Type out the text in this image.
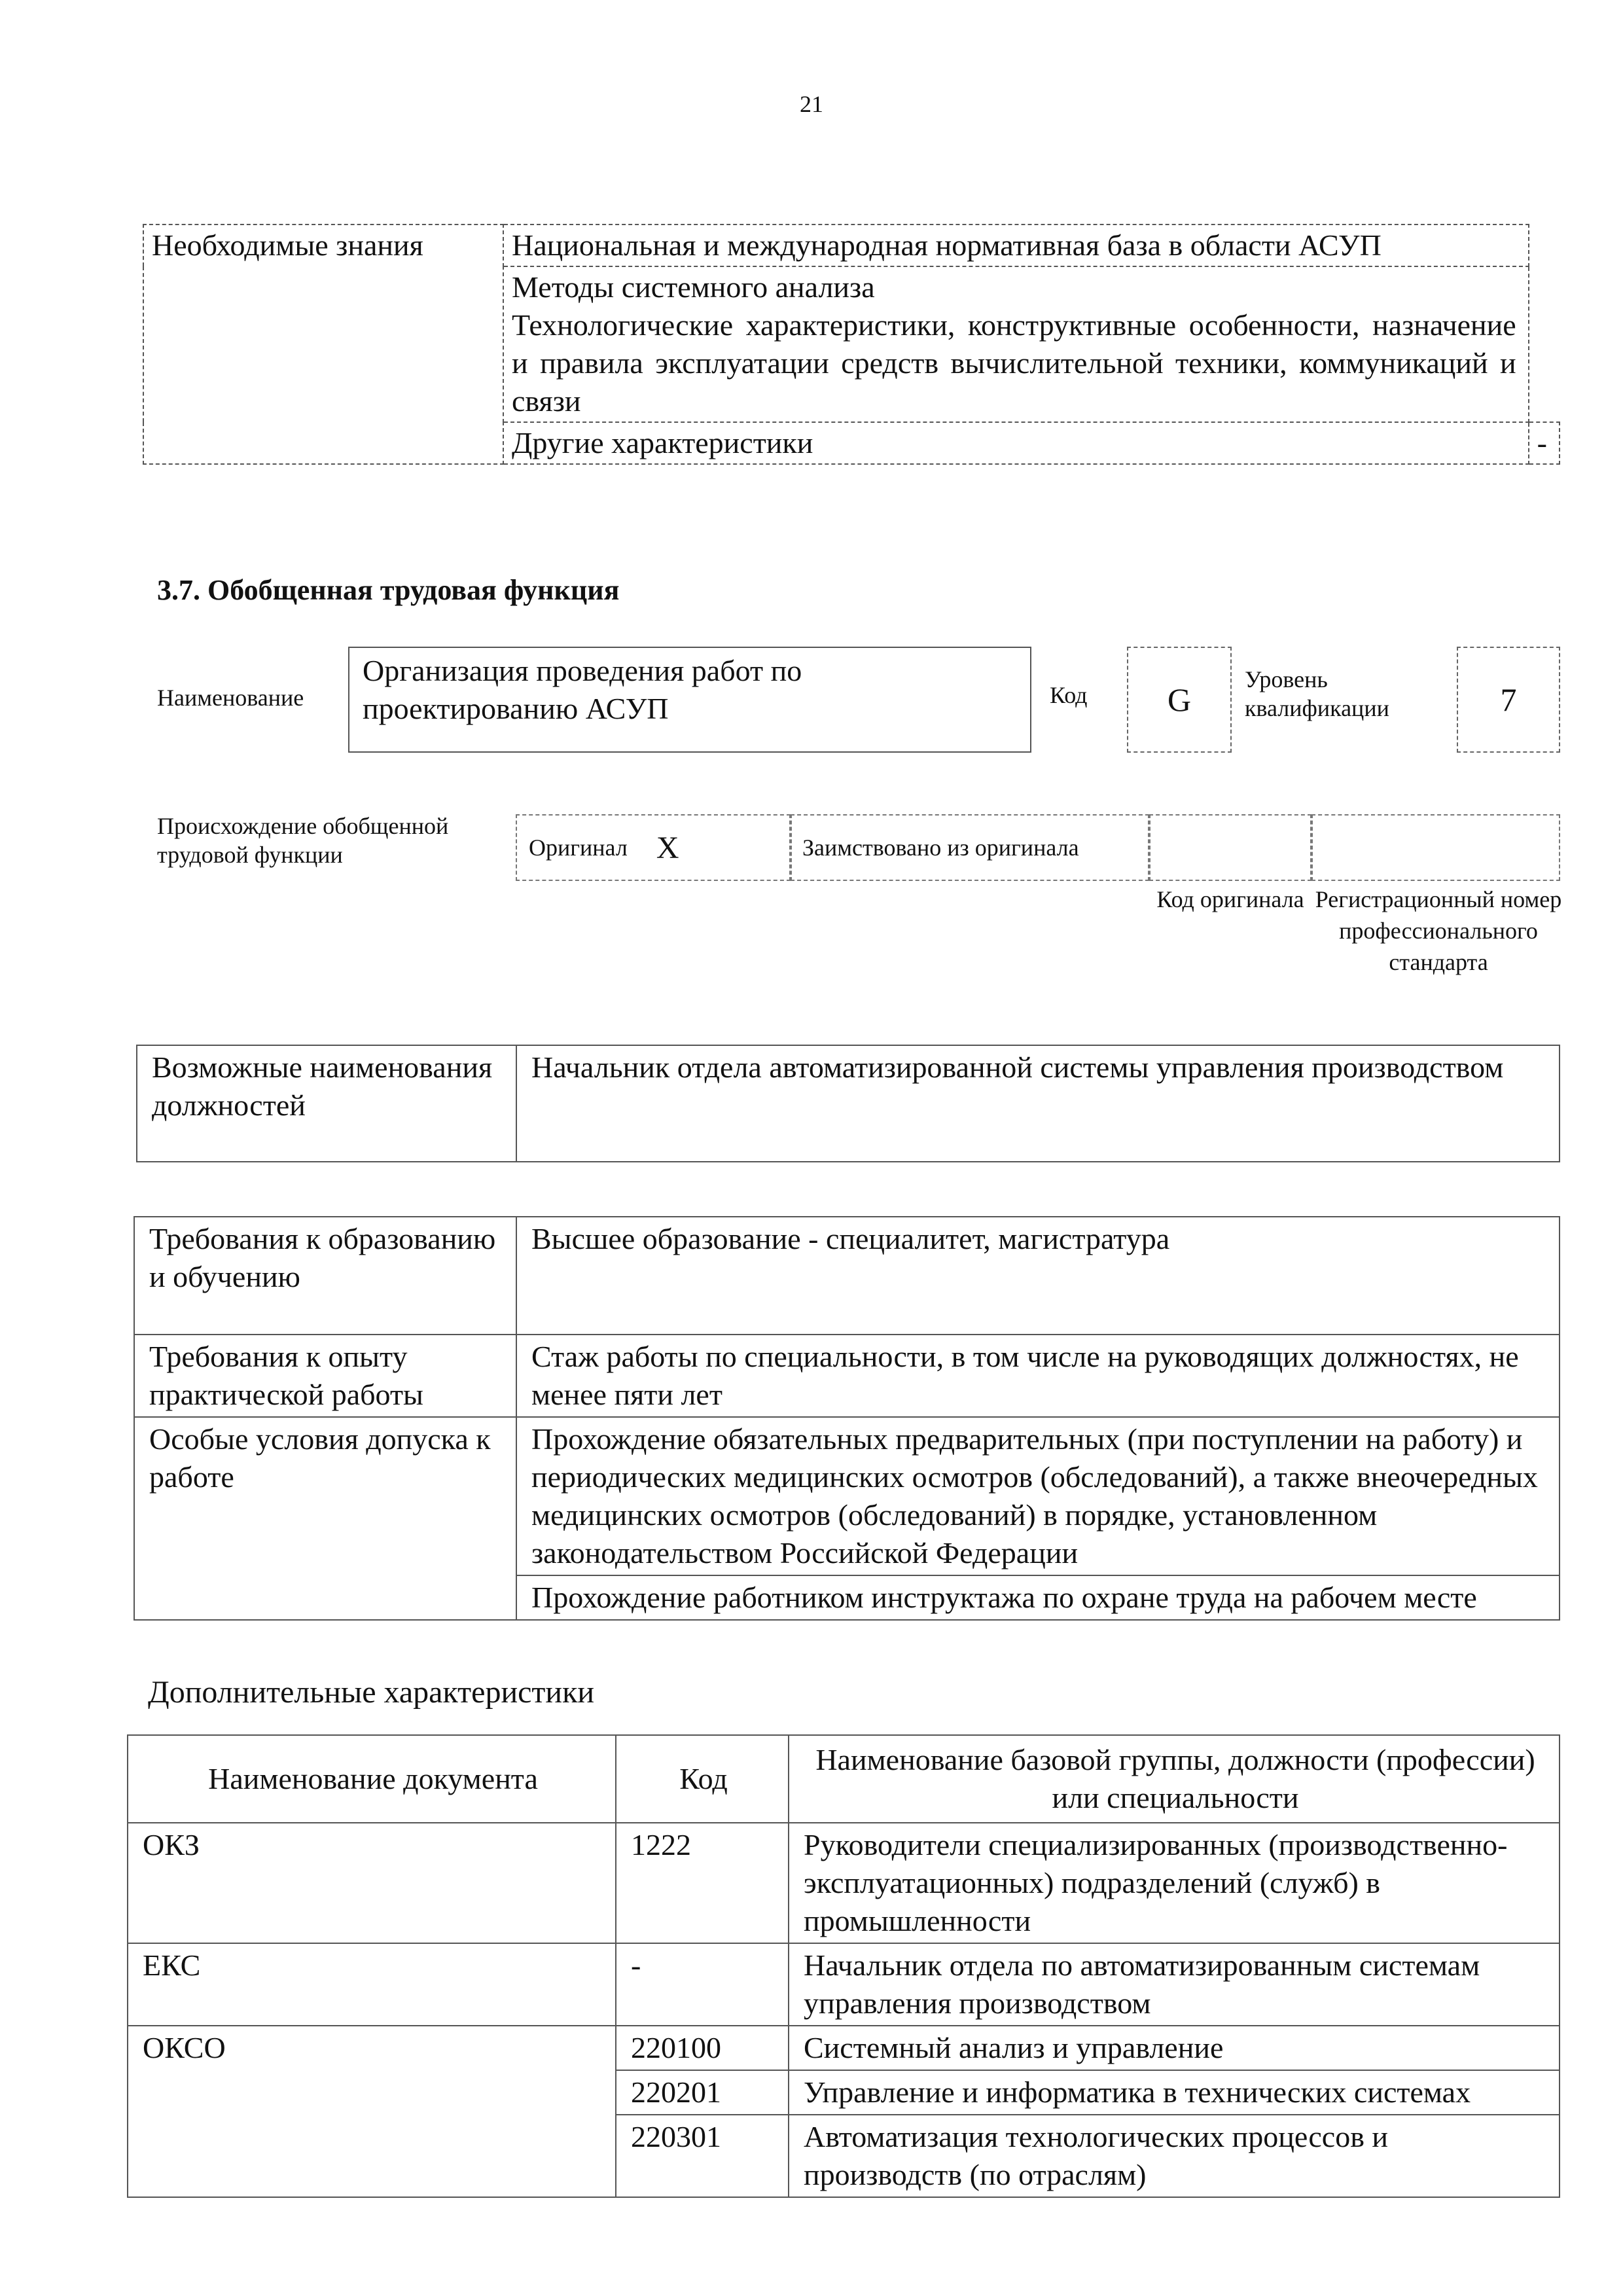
21
Необходимые знания	Национальная и международная нормативная база в области АСУП	

	Методы системного анализа
Технологические характеристики, конструктивные особенности, назначение и правила эксплуатации средств вычислительной техники, коммуникаций и связи	

	Другие характеристики	-
3.7. Обобщенная трудовая функция
Наименование
Организация проведения работ по проектированию АСУП	Код G
Уровень квалификации	7
Происхождение обобщенной трудовой функции	Оригинал X	Заимствовано из оригинала
Код оригинала Регистрационный номер профессионального стандарта
Возможные наименования должностей	Начальник отдела автоматизированной системы управления производством
Требования к образованию и обучению	Высшее образование - специалитет, магистратура
Требования к опыту практической работы	Стаж работы по специальности, в том числе на руководящих должностях, не менее пяти лет
Особые условия допуска к работе	Прохождение обязательных предварительных (при поступлении на работу) и периодических медицинских осмотров (обследований), а также внеочередных медицинских осмотров (обследований) в порядке, установленном законодательством Российской Федерации
	Прохождение работником инструктажа по охране труда на рабочем месте
Дополнительные характеристики
Наименование документа	Код	Наименование базовой группы, должности (профессии) или специальности
ОКЗ	1222	Руководители специализированных (производственно-эксплуатационных) подразделений (служб) в промышленности
ЕКС	-	Начальник отдела по автоматизированным системам управления производством
ОКСО	220100	Системный анализ и управление
	220201	Управление и информатика в технических системах
	220301	Автоматизация технологических процессов и производств (по отраслям)
